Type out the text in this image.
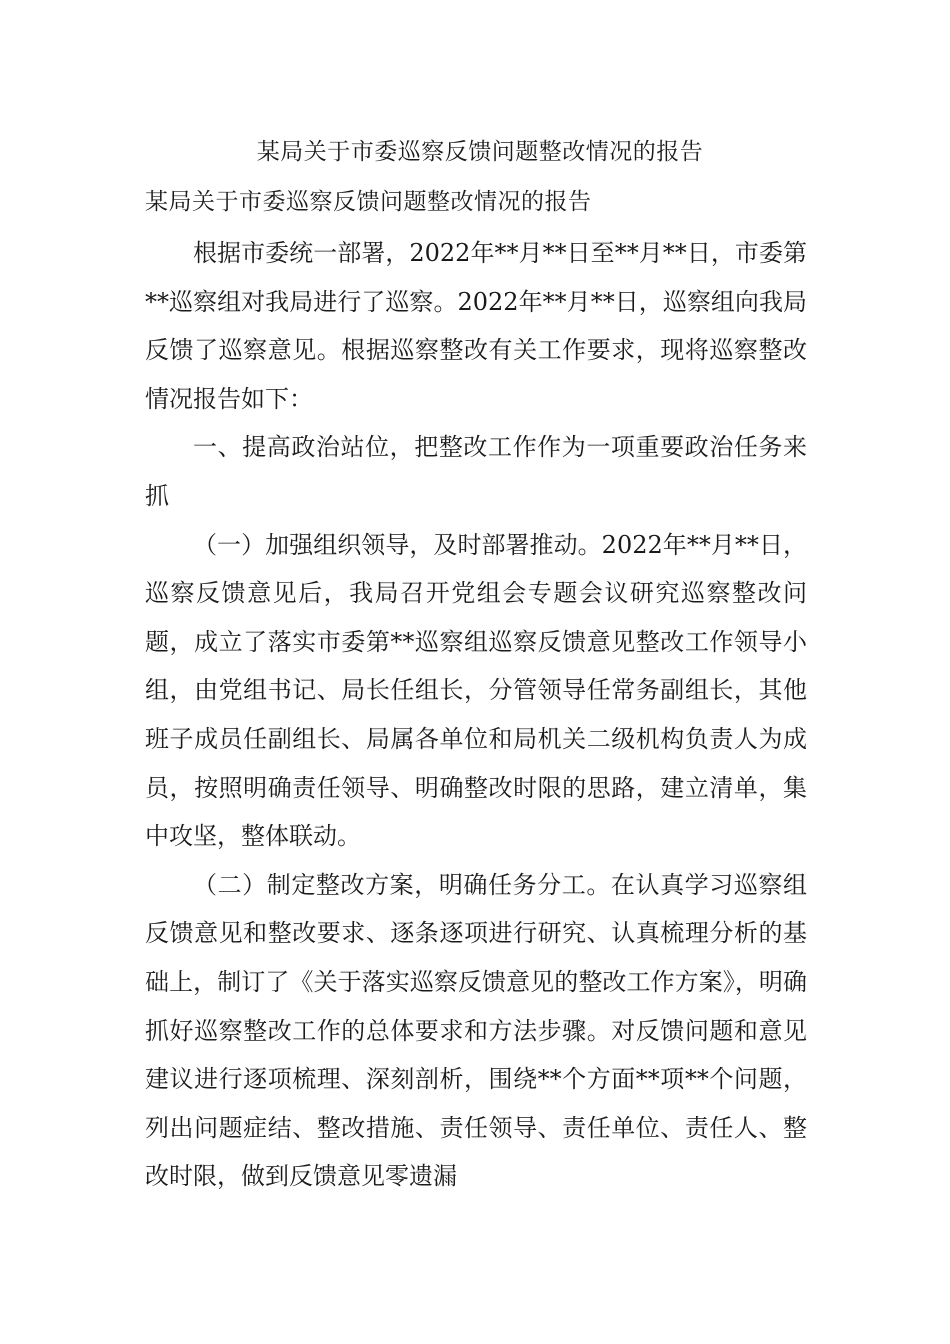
某局关于市委巡察反馈问题整改情况的报告
某局关于市委巡察反馈问题整改情况的报告

根据市委统一部署，2022年**月**日至**月**日，市委第**巡察组对我局进行了巡察。2022年**月**日，巡察组向我局反馈了巡察意见。根据巡察整改有关工作要求，现将巡察整改情况报告如下：

一、提高政治站位，把整改工作作为一项重要政治任务来抓

（一）加强组织领导，及时部署推动。2022年**月**日，巡察反馈意见后，我局召开党组会专题会议研究巡察整改问题，成立了落实市委第**巡察组巡察反馈意见整改工作领导小组，由党组书记、局长任组长，分管领导任常务副组长，其他班子成员任副组长、局属各单位和局机关二级机构负责人为成员，按照明确责任领导、明确整改时限的思路，建立清单，集中攻坚，整体联动。

（二）制定整改方案，明确任务分工。在认真学习巡察组反馈意见和整改要求、逐条逐项进行研究、认真梳理分析的基础上，制订了《关于落实巡察反馈意见的整改工作方案》，明确抓好巡察整改工作的总体要求和方法步骤。对反馈问题和意见建议进行逐项梳理、深刻剖析，围绕**个方面**项**个问题，列出问题症结、整改措施、责任领导、责任单位、责任人、整改时限，做到反馈意见零遗漏
